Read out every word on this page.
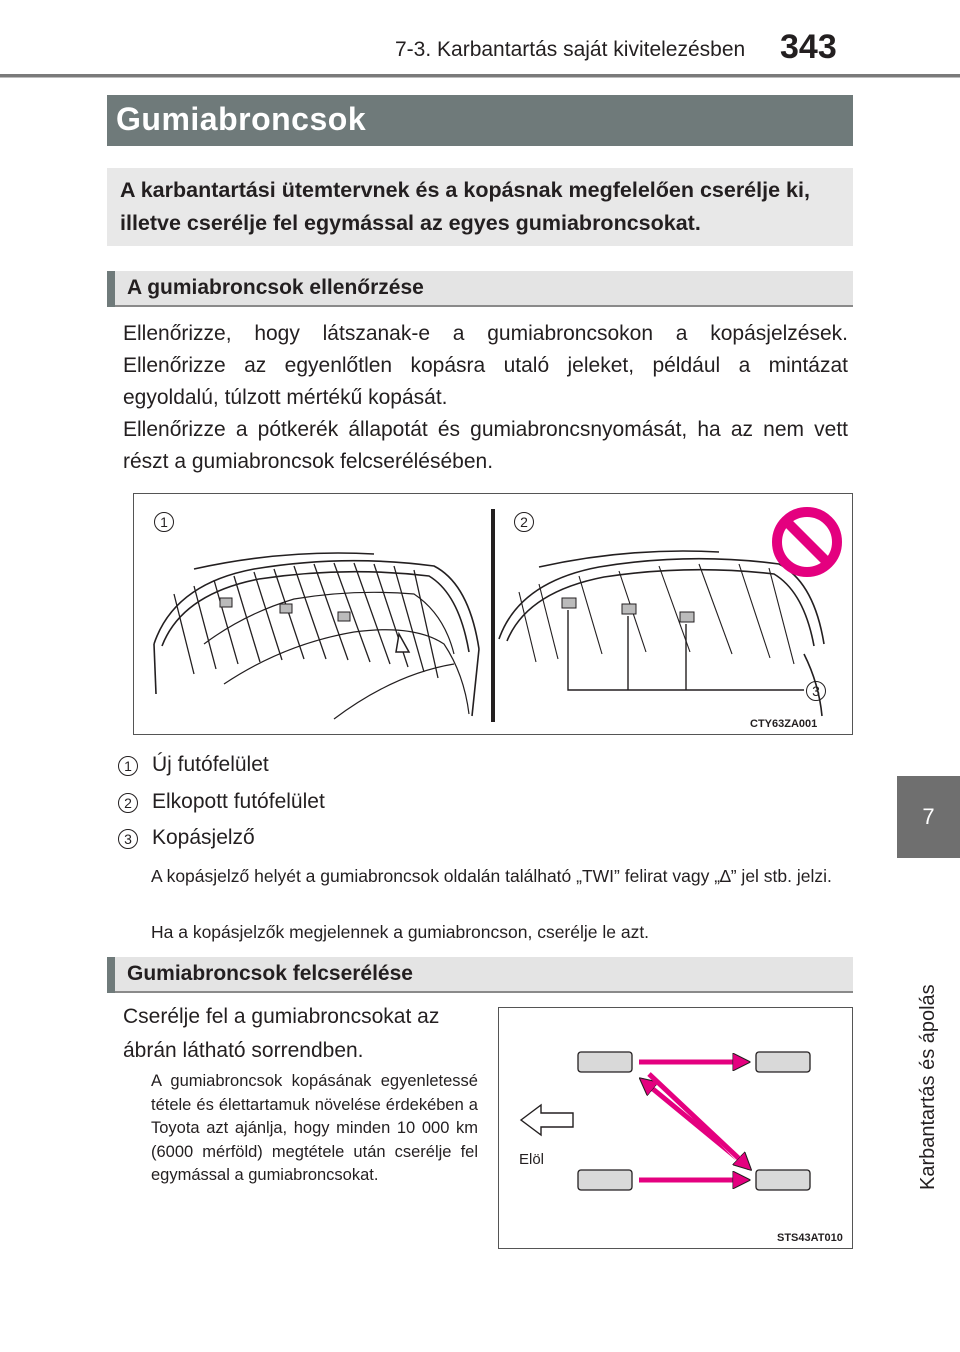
7-3. Karbantartás saját kivitelezésben 343
7
Karbantartás és ápolás
Gumiabroncsok

A karbantartási ütemtervnek és a kopásnak megfelelően cserélje ki, illetve cserélje fel egymással az egyes gumiabroncsokat.

A gumiabroncsok ellenőrzése

Ellenőrizze, hogy látszanak-e a gumiabroncsokon a kopásjelzések. Ellenőrizze az egyenlőtlen kopásra utaló jeleket, például a mintázat egyoldalú, túlzott mértékű kopását.

Ellenőrizze a pótkerék állapotát és gumiabroncsnyomását, ha az nem vett részt a gumiabroncsok felcserélésében.

1	2
3
CTY63ZA001
1 Új futófelület
2 Elkopott futófelület
3 Kopásjelző

A kopásjelző helyét a gumiabroncsok oldalán található „TWI” felirat vagy „∆” jel stb. jelzi.

Ha a kopásjelzők megjelennek a gumiabroncson, cserélje le azt.

Gumiabroncsok felcserélése

Cserélje fel a gumiabroncsokat az ábrán látható sorrendben.

A gumiabroncsok kopásának egyenletessé tétele és élettartamuk növelése érdekében a Toyota azt ajánlja, hogy minden 10 000 km (6000 mérföld) megtétele után cserélje fel egymással a gumiabroncsokat.

Elöl
STS43AT010
